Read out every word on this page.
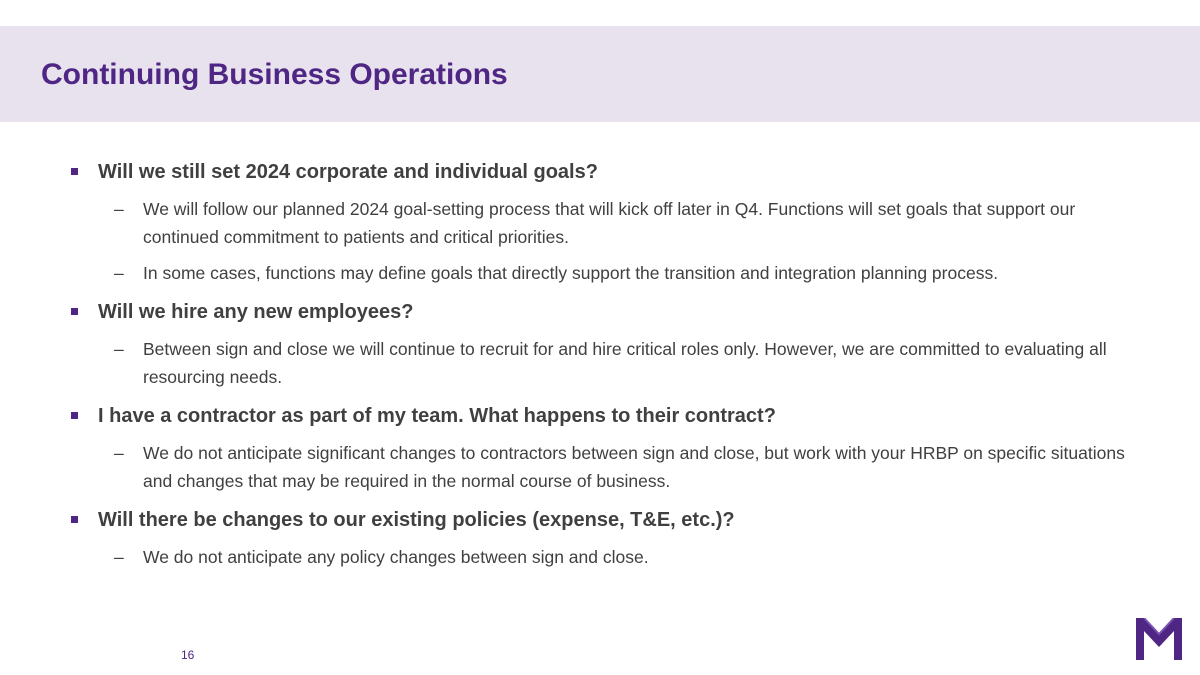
Continuing Business Operations
Will we still set 2024 corporate and individual goals?
– We will follow our planned 2024 goal-setting process that will kick off later in Q4. Functions will set goals that support our continued commitment to patients and critical priorities.
– In some cases, functions may define goals that directly support the transition and integration planning process.
Will we hire any new employees?
– Between sign and close we will continue to recruit for and hire critical roles only. However, we are committed to evaluating all resourcing needs.
I have a contractor as part of my team. What happens to their contract?
– We do not anticipate significant changes to contractors between sign and close, but work with your HRBP on specific situations and changes that may be required in the normal course of business.
Will there be changes to our existing policies (expense, T&E, etc.)?
– We do not anticipate any policy changes between sign and close.
16
